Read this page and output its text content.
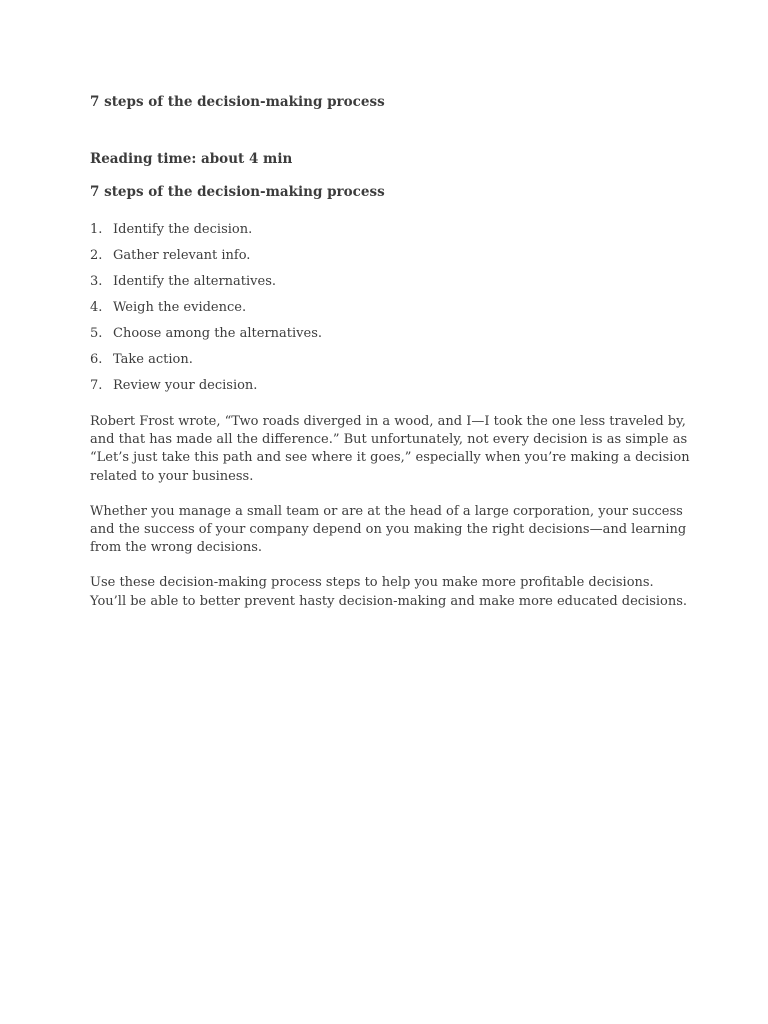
7 steps of the decision-making process
Reading time: about 4 min
7 steps of the decision-making process
1. Identify the decision.
2. Gather relevant info.
3. Identify the alternatives.
4. Weigh the evidence.
5. Choose among the alternatives.
6. Take action.
7. Review your decision.

Robert Frost wrote, “Two roads diverged in a wood, and I—I took the one less traveled by,
and that has made all the difference.” But unfortunately, not every decision is as simple as
“Let’s just take this path and see where it goes,” especially when you’re making a decision
related to your business.

Whether you manage a small team or are at the head of a large corporation, your success
and the success of your company depend on you making the right decisions—and learning
from the wrong decisions.

Use these decision-making process steps to help you make more profitable decisions.
You’ll be able to better prevent hasty decision-making and make more educated decisions.
